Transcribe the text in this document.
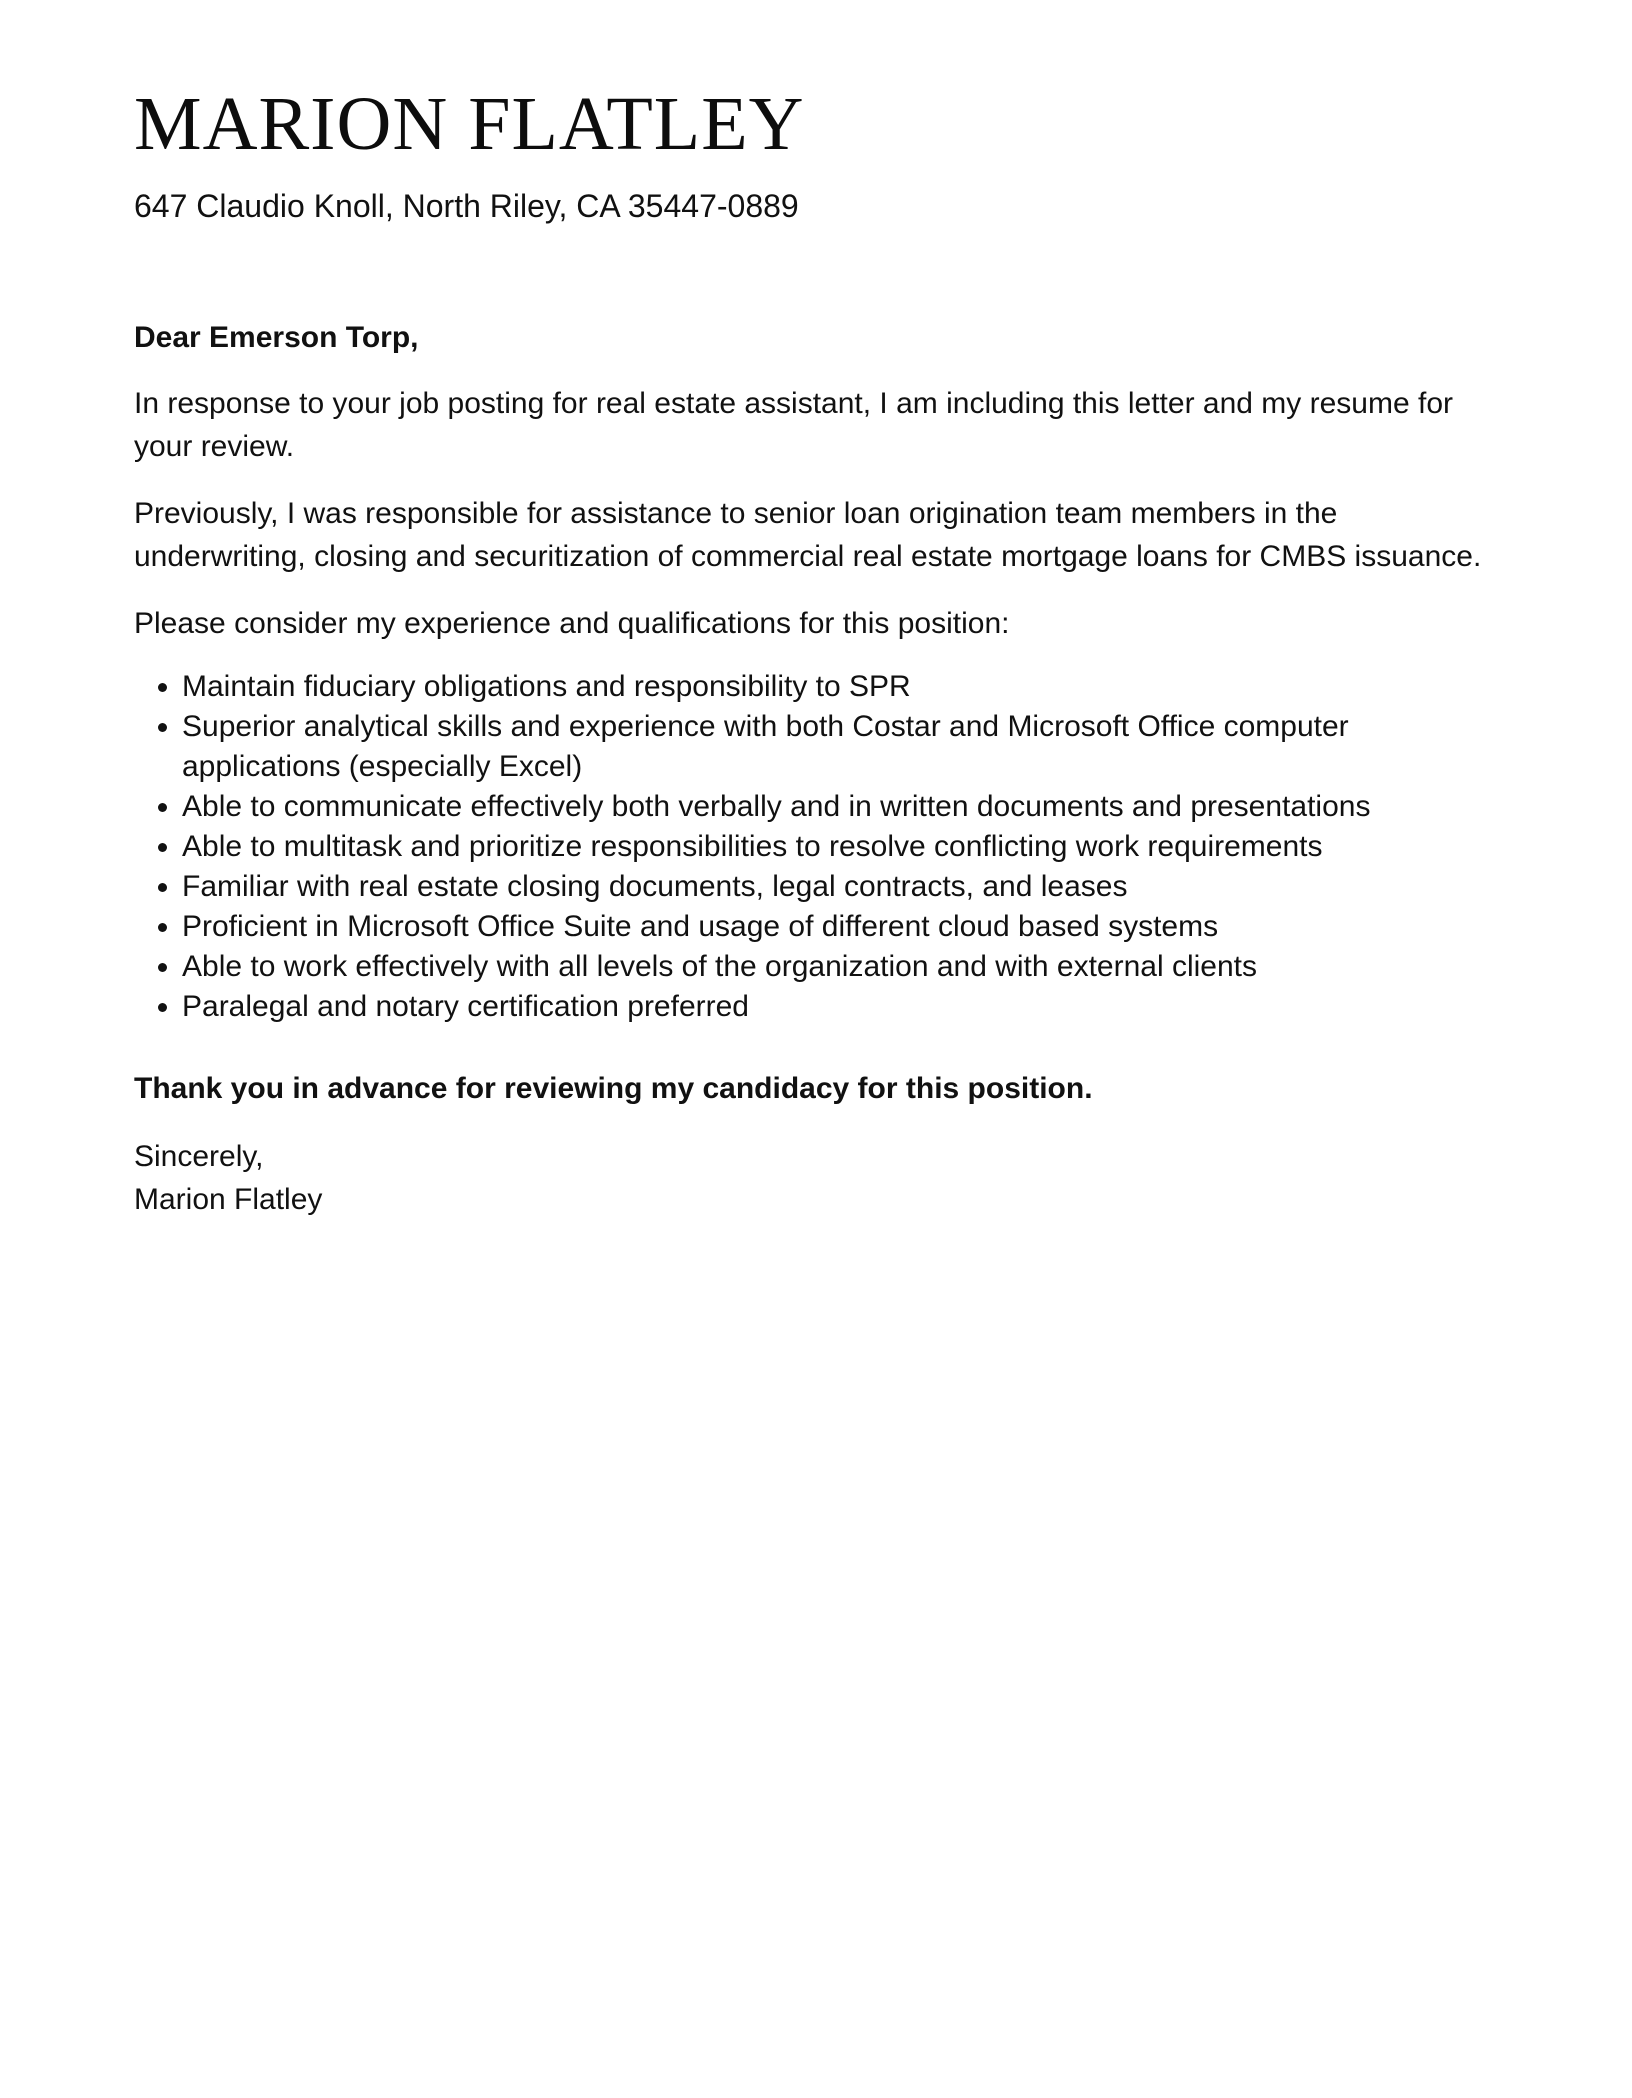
MARION FLATLEY
647 Claudio Knoll, North Riley, CA 35447-0889
Dear Emerson Torp,
In response to your job posting for real estate assistant, I am including this letter and my resume for your review.
Previously, I was responsible for assistance to senior loan origination team members in the underwriting, closing and securitization of commercial real estate mortgage loans for CMBS issuance.
Please consider my experience and qualifications for this position:
• Maintain fiduciary obligations and responsibility to SPR
• Superior analytical skills and experience with both Costar and Microsoft Office computer applications (especially Excel)
• Able to communicate effectively both verbally and in written documents and presentations
• Able to multitask and prioritize responsibilities to resolve conflicting work requirements
• Familiar with real estate closing documents, legal contracts, and leases
• Proficient in Microsoft Office Suite and usage of different cloud based systems
• Able to work effectively with all levels of the organization and with external clients
• Paralegal and notary certification preferred
Thank you in advance for reviewing my candidacy for this position.
Sincerely,
Marion Flatley
